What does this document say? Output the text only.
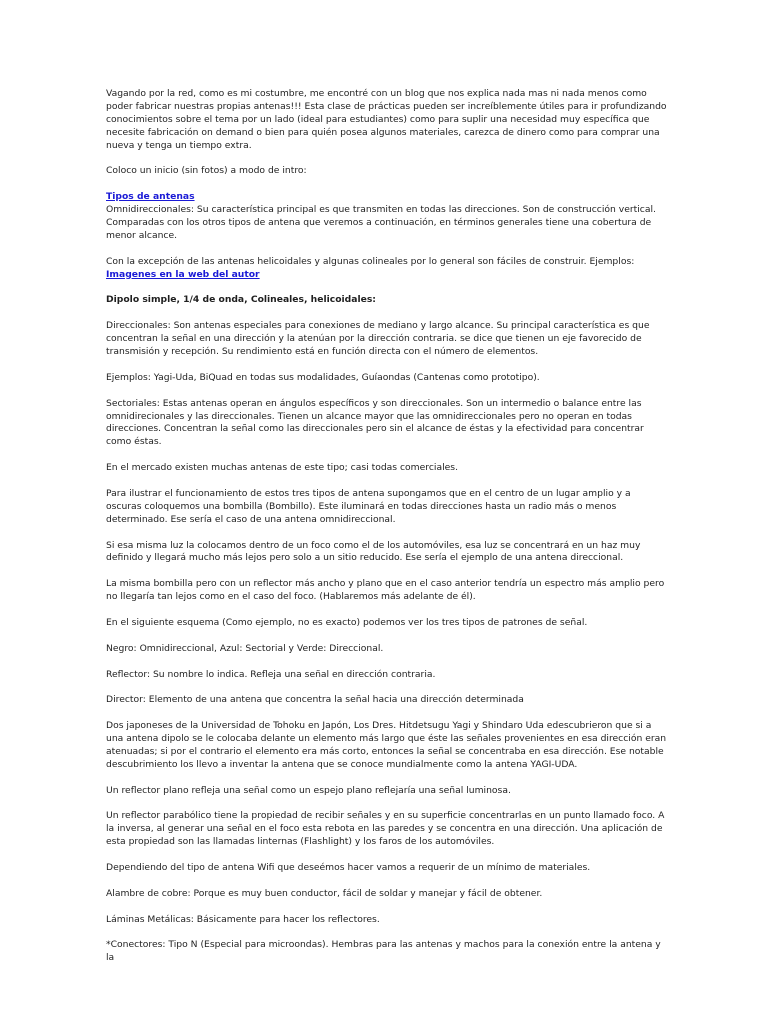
Vagando por la red, como es mi costumbre, me encontré con un blog que nos explica nada mas ni nada menos como poder fabricar nuestras propias antenas!!! Esta clase de prácticas pueden ser increíblemente útiles para ir profundizando conocimientos sobre el tema por un lado (ideal para estudiantes) como para suplir una necesidad muy específica que necesite fabricación on demand o bien para quién posea algunos materiales, carezca de dinero como para comprar una nueva y tenga un tiempo extra.

Coloco un inicio (sin fotos) a modo de intro:

Tipos de antenas
Omnidireccionales: Su característica principal es que transmiten en todas las direcciones. Son de construcción vertical. Comparadas con los otros tipos de antena que veremos a continuación, en términos generales tiene una cobertura de menor alcance.

Con la excepción de las antenas helicoidales y algunas colineales por lo general son fáciles de construir. Ejemplos:
Imagenes en la web del autor

Dipolo simple, 1/4 de onda, Colineales, helicoidales:

Direccionales: Son antenas especiales para conexiones de mediano y largo alcance. Su principal característica es que concentran la señal en una dirección y la atenúan por la dirección contraria. se dice que tienen un eje favorecido de transmisión y recepción. Su rendimiento está en función directa con el número de elementos.

Ejemplos: Yagi-Uda, BiQuad en todas sus modalidades, Guíaondas (Cantenas como prototipo).

Sectoriales: Estas antenas operan en ángulos específicos y son direccionales. Son un intermedio o balance entre las omnidirecionales y las direccionales. Tienen un alcance mayor que las omnidireccionales pero no operan en todas direcciones. Concentran la señal como las direccionales pero sin el alcance de éstas y la efectividad para concentrar como éstas.

En el mercado existen muchas antenas de este tipo; casi todas comerciales.

Para ilustrar el funcionamiento de estos tres tipos de antena supongamos que en el centro de un lugar amplio y a oscuras coloquemos una bombilla (Bombillo). Este iluminará en todas direcciones hasta un radio más o menos determinado. Ese sería el caso de una antena omnidireccional.

Si esa misma luz la colocamos dentro de un foco como el de los automóviles, esa luz se concentrará en un haz muy definido y llegará mucho más lejos pero solo a un sitio reducido. Ese sería el ejemplo de una antena direccional.

La misma bombilla pero con un reflector más ancho y plano que en el caso anterior tendría un espectro más amplio pero no llegaría tan lejos como en el caso del foco. (Hablaremos más adelante de él).

En el siguiente esquema (Como ejemplo, no es exacto) podemos ver los tres tipos de patrones de señal.

Negro: Omnidireccional, Azul: Sectorial y Verde: Direccional.

Reflector: Su nombre lo indica. Refleja una señal en dirección contraria.

Director: Elemento de una antena que concentra la señal hacia una dirección determinada

Dos japoneses de la Universidad de Tohoku en Japón, Los Dres. Hitdetsugu Yagi y Shindaro Uda edescubrieron que si a una antena dipolo se le colocaba delante un elemento más largo que éste las señales provenientes en esa dirección eran atenuadas; si por el contrario el elemento era más corto, entonces la señal se concentraba en esa dirección. Ese notable descubrimiento los llevo a inventar la antena que se conoce mundialmente como la antena YAGI-UDA.

Un reflector plano refleja una señal como un espejo plano reflejaría una señal luminosa.

Un reflector parabólico tiene la propiedad de recibir señales y en su superficie concentrarlas en un punto llamado foco. A la inversa, al generar una señal en el foco esta rebota en las paredes y se concentra en una dirección. Una aplicación de esta propiedad son las llamadas linternas (Flashlight) y los faros de los automóviles.

Dependiendo del tipo de antena Wifi que deseémos hacer vamos a requerir de un mínimo de materiales.

Alambre de cobre: Porque es muy buen conductor, fácil de soldar y manejar y fácil de obtener.

Láminas Metálicas: Básicamente para hacer los reflectores.

*Conectores: Tipo N (Especial para microondas). Hembras para las antenas y machos para la conexión entre la antena y la
